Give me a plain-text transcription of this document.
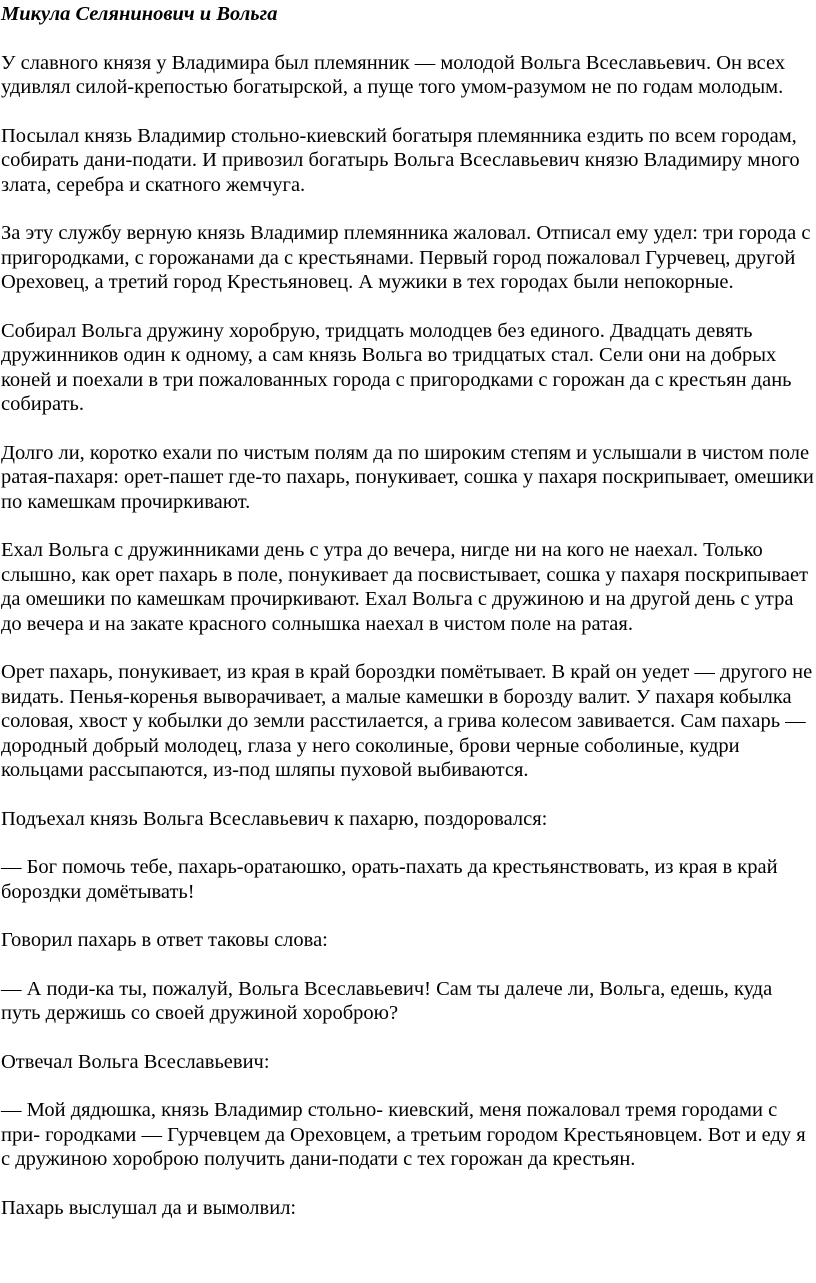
Микула Селянинович и Вольга
У славного князя у Владимира был племянник — молодой Вольга Всеславьевич. Он всех удивлял силой-крепостью богатырской, а пуще того умом-разумом не по годам молодым.
Посылал князь Владимир стольно-киевский богатыря племянника ездить по всем городам, собирать дани-подати. И привозил богатырь Вольга Всеславьевич князю Владимиру много злата, серебра и скатного жемчуга.
За эту службу верную князь Владимир племянника жаловал. Отписал ему удел: три города с пригородками, с горожанами да с крестьянами. Первый город пожаловал Гурчевец, другой Ореховец, а третий город Крестьяновец. А мужики в тех городах были непокорные.
Собирал Вольга дружину хоробрую, тридцать молодцев без единого. Двадцать девять дружинников один к одному, а сам князь Вольга во тридцатых стал. Сели они на добрых коней и поехали в три пожалованных города с пригородками с горожан да с крестьян дань собирать.
Долго ли, коротко ехали по чистым полям да по широким степям и услышали в чистом поле ратая-пахаря: орет-пашет где-то пахарь, понукивает, сошка у пахаря поскрипывает, омешики по камешкам прочиркивают.
Ехал Вольга с дружинниками день с утра до вечера, нигде ни на кого не наехал. Только слышно, как орет пахарь в поле, понукивает да посвистывает, сошка у пахаря поскрипывает да омешики по камешкам прочиркивают. Ехал Вольга с дружиною и на другой день с утра до вечера и на закате красного солнышка наехал в чистом поле на ратая.
Орет пахарь, понукивает, из края в край бороздки помётывает. В край он уедет — другого не видать. Пенья-коренья выворачивает, а малые камешки в борозду валит. У пахаря кобылка соловая, хвост у кобылки до земли расстилается, а грива колесом завивается. Сам пахарь — дородный добрый молодец, глаза у него соколиные, брови черные соболиные, кудри кольцами рассыпаются, из-под шляпы пуховой выбиваются.
Подъехал князь Вольга Всеславьевич к пахарю, поздоровался:
— Бог помочь тебе, пахарь-оратаюшко, орать-пахать да крестьянствовать, из края в край бороздки домётывать!
Говорил пахарь в ответ таковы слова:
— А поди-ка ты, пожалуй, Вольга Всеславьевич! Сам ты далече ли, Вольга, едешь, куда путь держишь со своей дружиной хороброю?
Отвечал Вольга Всеславьевич:
— Мой дядюшка, князь Владимир стольно- киевский, меня пожаловал тремя городами с при- городками — Гурчевцем да Ореховцем, а третьим городом Крестьяновцем. Вот и еду я с дружиною хороброю получить дани-подати с тех горожан да крестьян.
Пахарь выслушал да и вымолвил:
